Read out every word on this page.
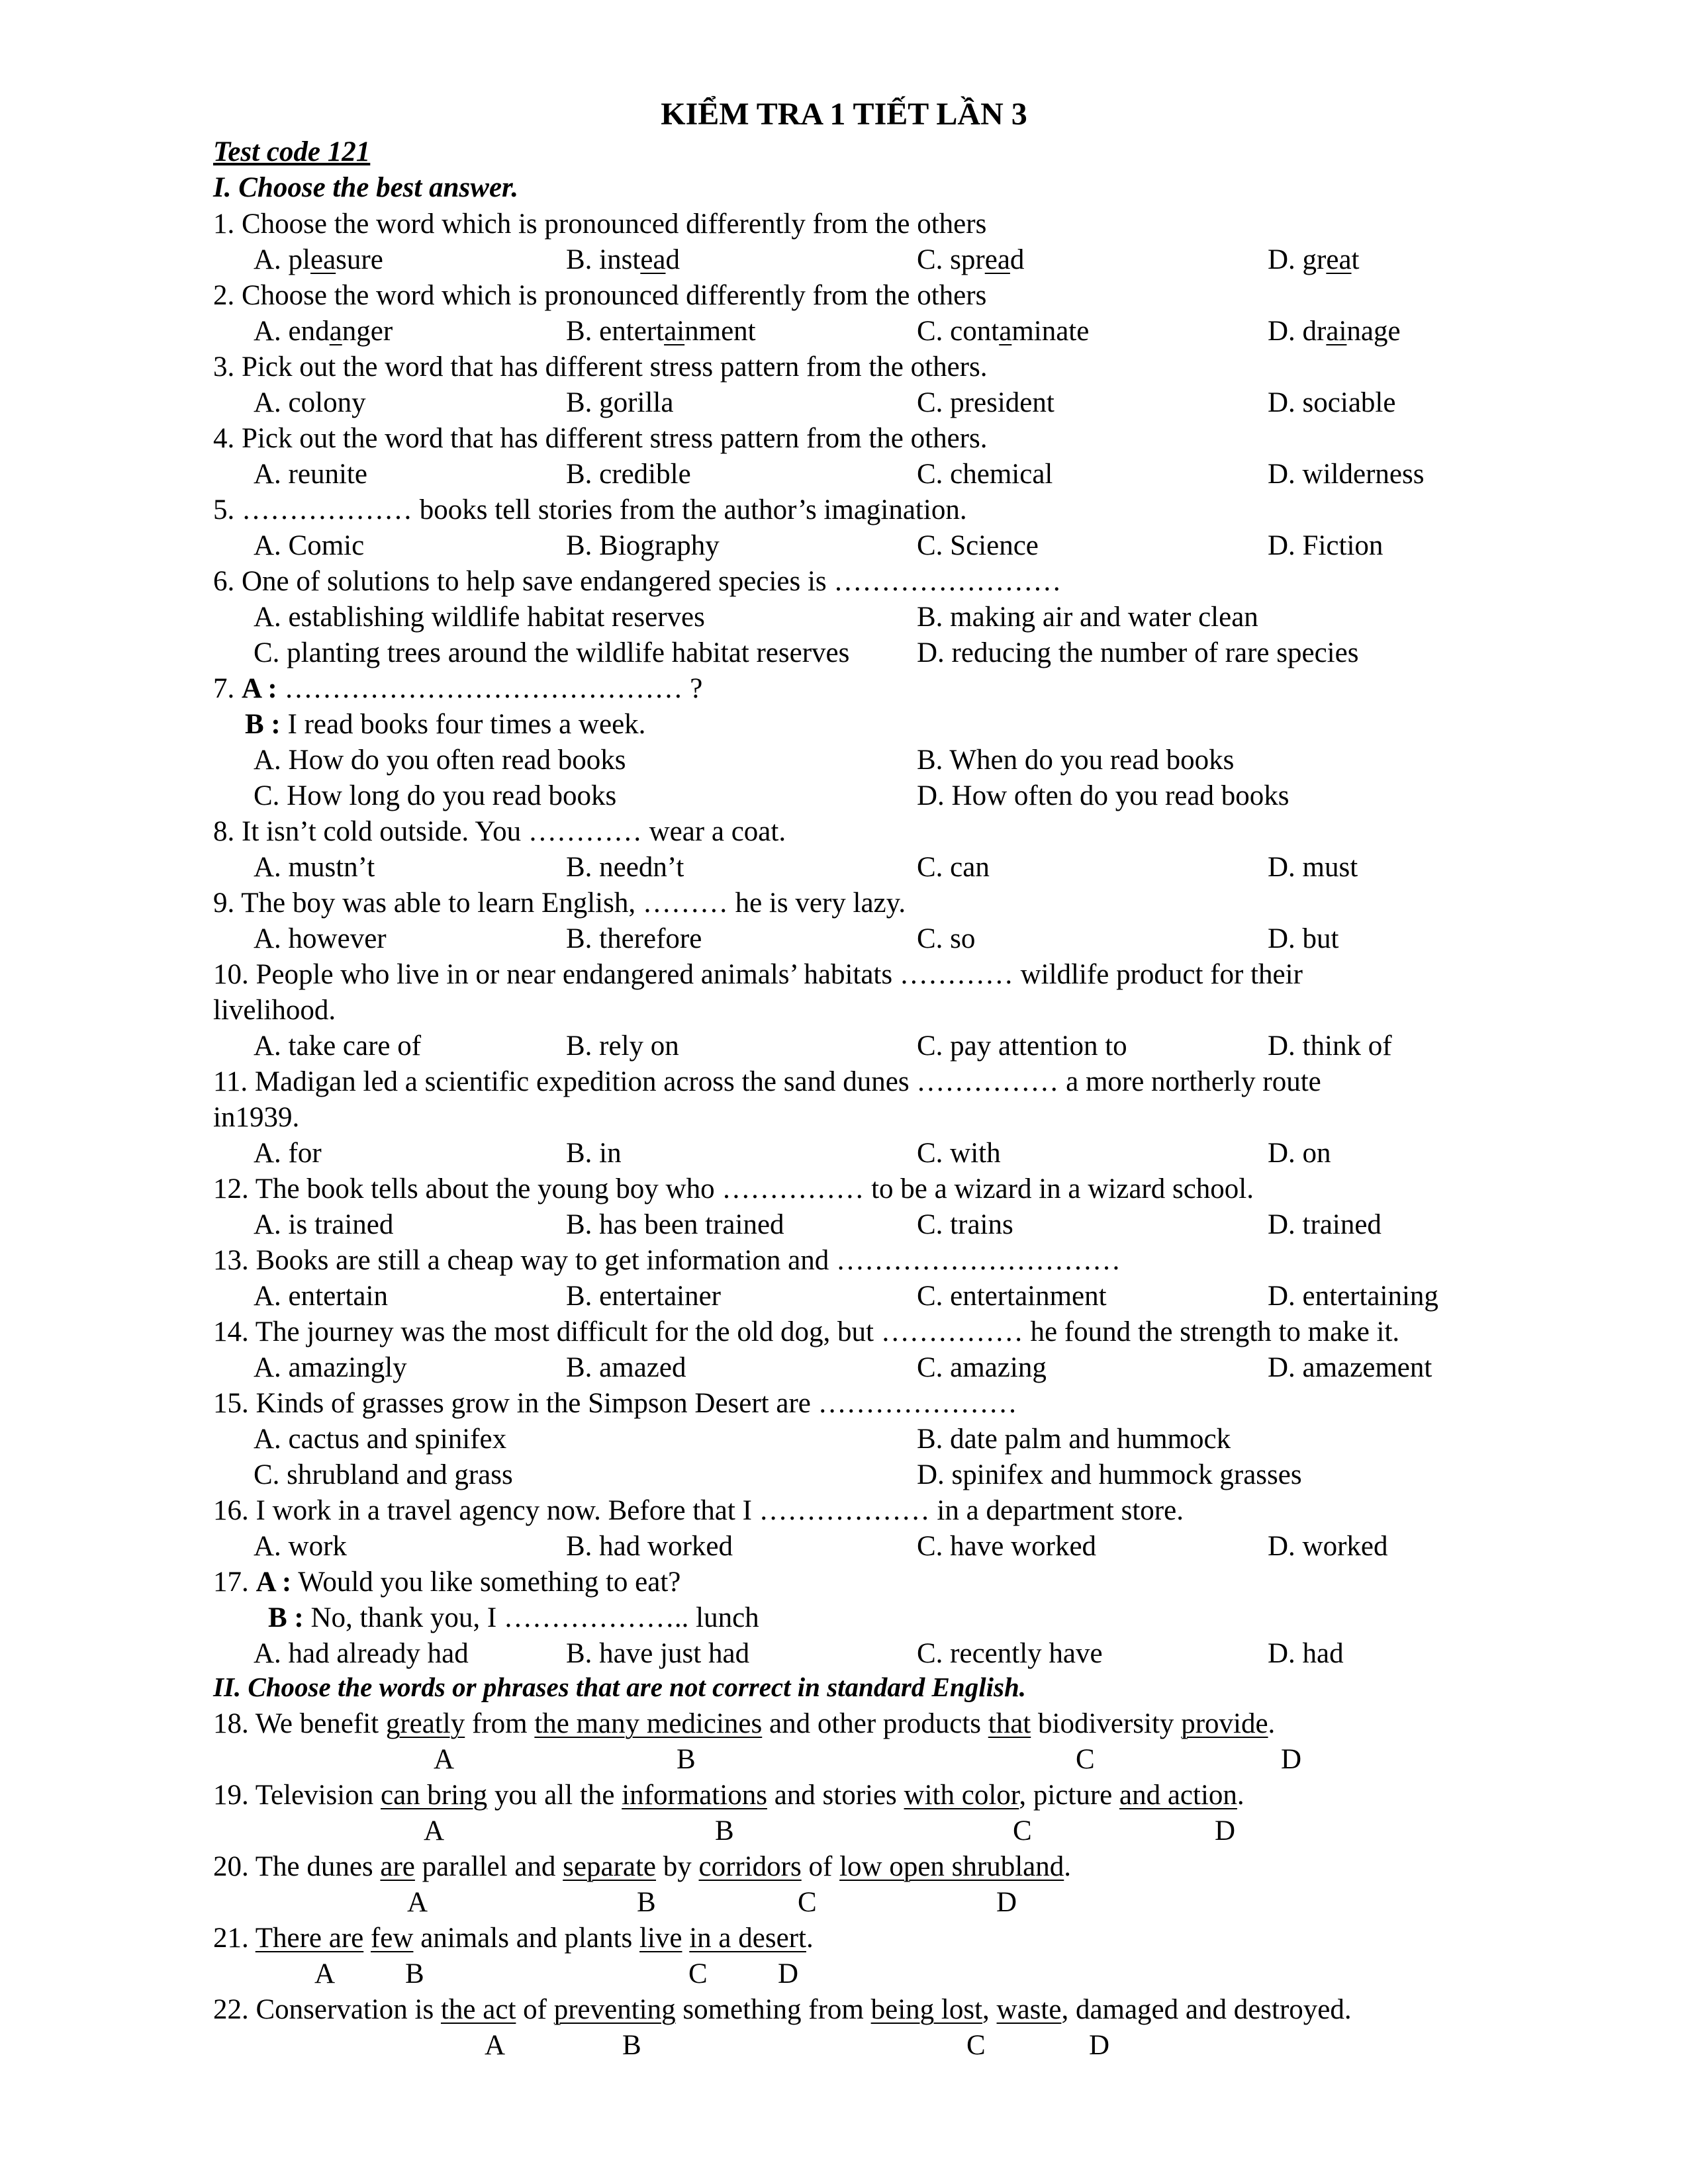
KIỂM TRA 1 TIẾT LẦN 3
Test code 121
I. Choose the best answer.
1. Choose the word which is pronounced differently from the others
A. pleasure	B. instead	C. spread	D. great
2. Choose the word which is pronounced differently from the others
A. endanger	B. entertainment	C. contaminate	D. drainage
3. Pick out the word that has different stress pattern from the others.
A. colony	B. gorilla	C. president	D. sociable
4. Pick out the word that has different stress pattern from the others.
A. reunite	B. credible	C. chemical	D. wilderness
5. ……………… books tell stories from the author’s imagination.
A. Comic	B. Biography	C. Science	D. Fiction
6. One of solutions to help save endangered species is ……………………
A. establishing wildlife habitat reserves	B. making air and water clean
C. planting trees around the wildlife habitat reserves D. reducing the number of rare species
7. A : …………………………………… ?
B : I read books four times a week.
A. How do you often read books	B. When do you read books
C. How long do you read books	D. How often do you read books
8. It isn’t cold outside. You ………… wear a coat.
A. mustn’t	B. needn’t	C. can	D. must
9. The boy was able to learn English, ……… he is very lazy.
A. however	B. therefore	C. so	D. but
10. People who live in or near endangered animals’ habitats ………… wildlife product for their
livelihood.
A. take care of	B. rely on	C. pay attention to	D. think of
11. Madigan led a scientific expedition across the sand dunes …………… a more northerly route
in1939.
A. for	B. in	C. with	D. on
12. The book tells about the young boy who …………… to be a wizard in a wizard school.
A. is trained	B. has been trained	C. trains	D. trained
13. Books are still a cheap way to get information and …………………………
A. entertain	B. entertainer	C. entertainment	D. entertaining
14. The journey was the most difficult for the old dog, but …………… he found the strength to make it.
A. amazingly	B. amazed	C. amazing	D. amazement
15. Kinds of grasses grow in the Simpson Desert are …………………
A. cactus and spinifex	B. date palm and hummock
C. shrubland and grass	D. spinifex and hummock grasses
16. I work in a travel agency now. Before that I ……………… in a department store.
A. work	B. had worked	C. have worked	D. worked
17. A : Would you like something to eat?
B : No, thank you, I ……………….. lunch
A. had already had	B. have just had	C. recently have	D. had
II. Choose the words or phrases that are not correct in standard English.
18. We benefit greatly from the many medicines and other products that biodiversity provide.
A	B	C	D
19. Television can bring you all the informations and stories with color, picture and action.
A	B	C	D
20. The dunes are parallel and separate by corridors of low open shrubland.
A	B	C	D
21. There are few animals and plants live in a desert.
A B	C D
22. Conservation is the act of preventing something from being lost, waste, damaged and destroyed.
A	B	C	D
